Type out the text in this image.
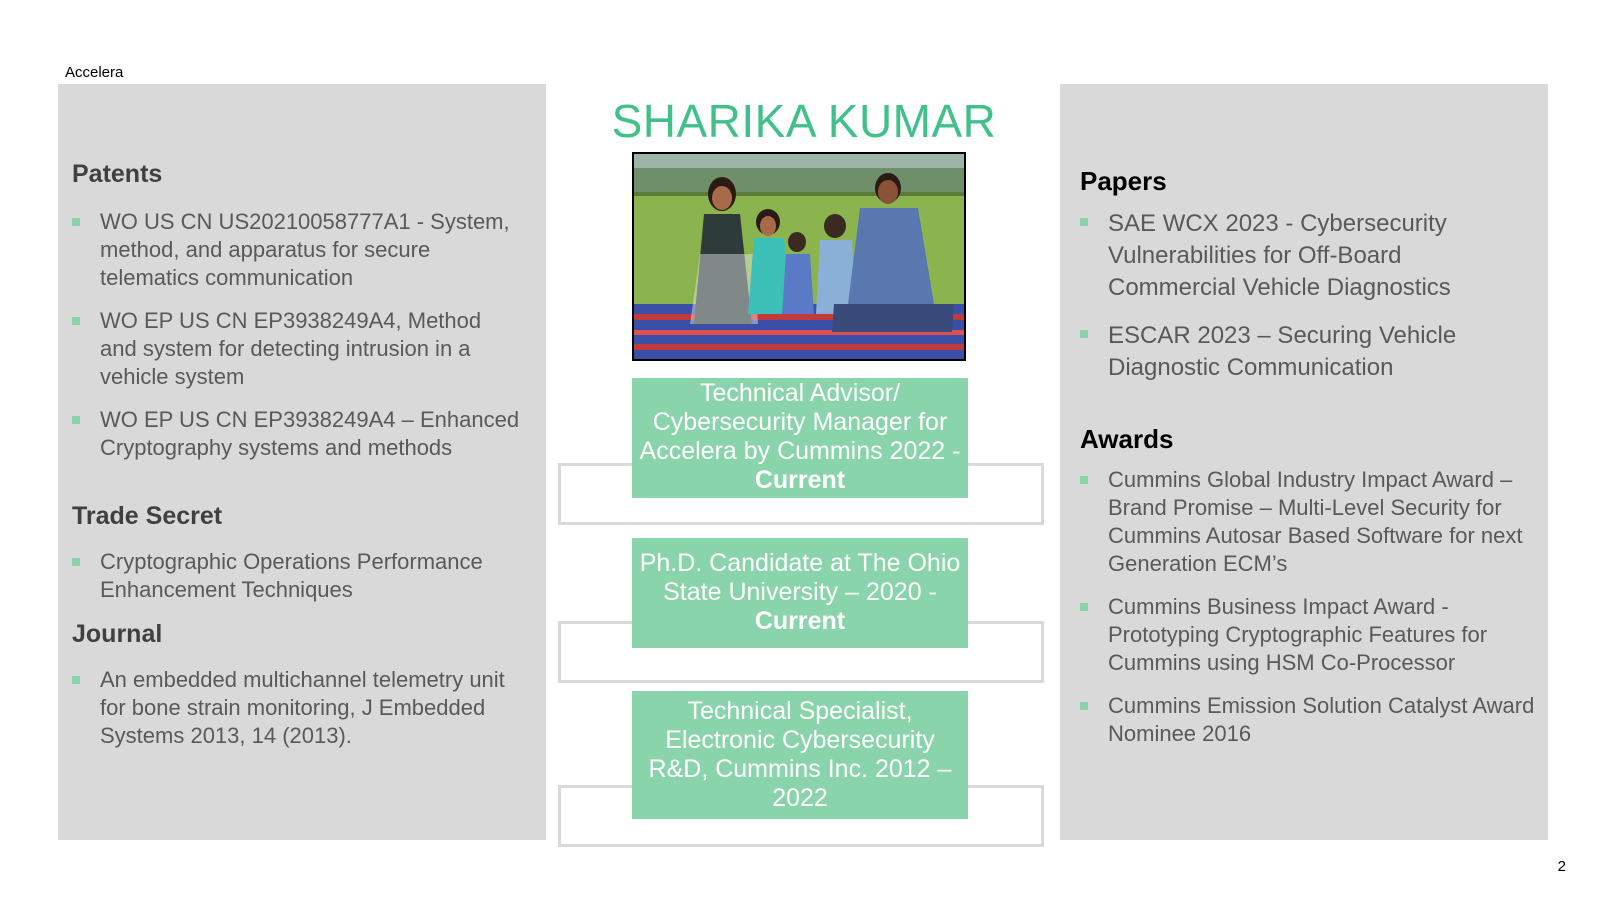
Accelera
2
Patents
WO US CN US20210058777A1 - System, method, and apparatus for secure telematics communication
WO EP US CN EP3938249A4, Method and system for detecting intrusion in a vehicle system
WO EP US CN EP3938249A4 – Enhanced Cryptography systems and methods
Trade Secret
Cryptographic Operations Performance Enhancement Techniques
Journal
An embedded multichannel telemetry unit for bone strain monitoring, J Embedded Systems 2013, 14 (2013).
SHARIKA KUMAR
Technical Advisor/ Cybersecurity Manager for Accelera by Cummins 2022 - Current
Ph.D. Candidate at The Ohio State University – 2020 - Current
Technical Specialist, Electronic Cybersecurity R&D, Cummins Inc. 2012 – 2022
Papers
SAE WCX 2023 - Cybersecurity Vulnerabilities for Off-Board Commercial Vehicle Diagnostics
ESCAR 2023 – Securing Vehicle Diagnostic Communication
Awards
Cummins Global Industry Impact Award – Brand Promise – Multi-Level Security for Cummins Autosar Based Software for next Generation ECM’s
Cummins Business Impact Award - Prototyping Cryptographic Features for Cummins using HSM Co-Processor
Cummins Emission Solution Catalyst Award Nominee 2016
